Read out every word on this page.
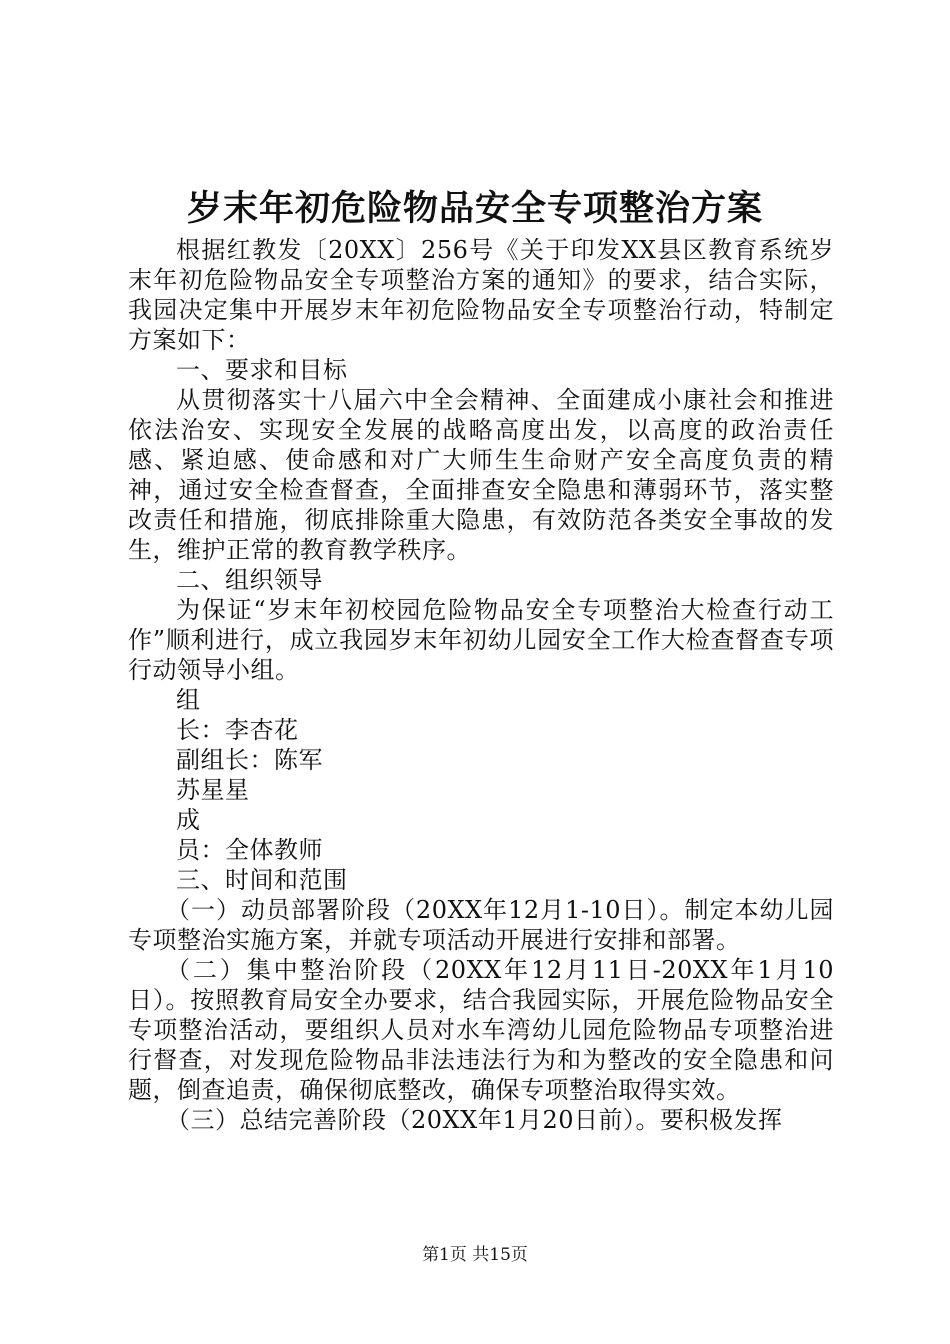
岁末年初危险物品安全专项整治方案

根据红教发〔20XX〕256号《关于印发XX县区教育系统岁末年初危险物品安全专项整治方案的通知》的要求，结合实际，我园决定集中开展岁末年初危险物品安全专项整治行动，特制定方案如下：

一、要求和目标

从贯彻落实十八届六中全会精神、全面建成小康社会和推进依法治安、实现安全发展的战略高度出发，以高度的政治责任感、紧迫感、使命感和对广大师生生命财产安全高度负责的精神，通过安全检查督查，全面排查安全隐患和薄弱环节，落实整改责任和措施，彻底排除重大隐患，有效防范各类安全事故的发生，维护正常的教育教学秩序。

二、组织领导

为保证“岁末年初校园危险物品安全专项整治大检查行动工作”顺利进行，成立我园岁末年初幼儿园安全工作大检查督查专项行动领导小组。

组

长：李杏花

副组长：陈军

苏星星

成

员：全体教师

三、时间和范围

（一）动员部署阶段（20XX年12月1-10日）。制定本幼儿园专项整治实施方案，并就专项活动开展进行安排和部署。

（二）集中整治阶段（20XX年12月11日-20XX年1月10日）。按照教育局安全办要求，结合我园实际，开展危险物品安全专项整治活动，要组织人员对水车湾幼儿园危险物品专项整治进行督查，对发现危险物品非法违法行为和为整改的安全隐患和问题，倒查追责，确保彻底整改，确保专项整治取得实效。

（三）总结完善阶段（20XX年1月20日前）。要积极发挥

第1页 共15页
